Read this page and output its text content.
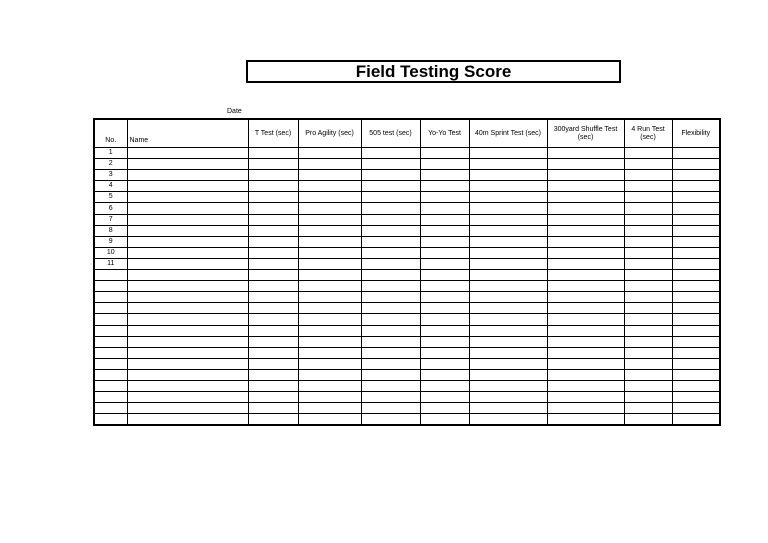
Field Testing Score
Date
No.	Name	T Test (sec)	Pro Agility (sec)	505 test (sec)	Yo-Yo Test	40m Sprint Test (sec)	300yard Shuffle Test (sec)	4 Run Test (sec)	Flexibility
1									
2									
3									
4									
5									
6									
7									
8									
9									
10									
11									
